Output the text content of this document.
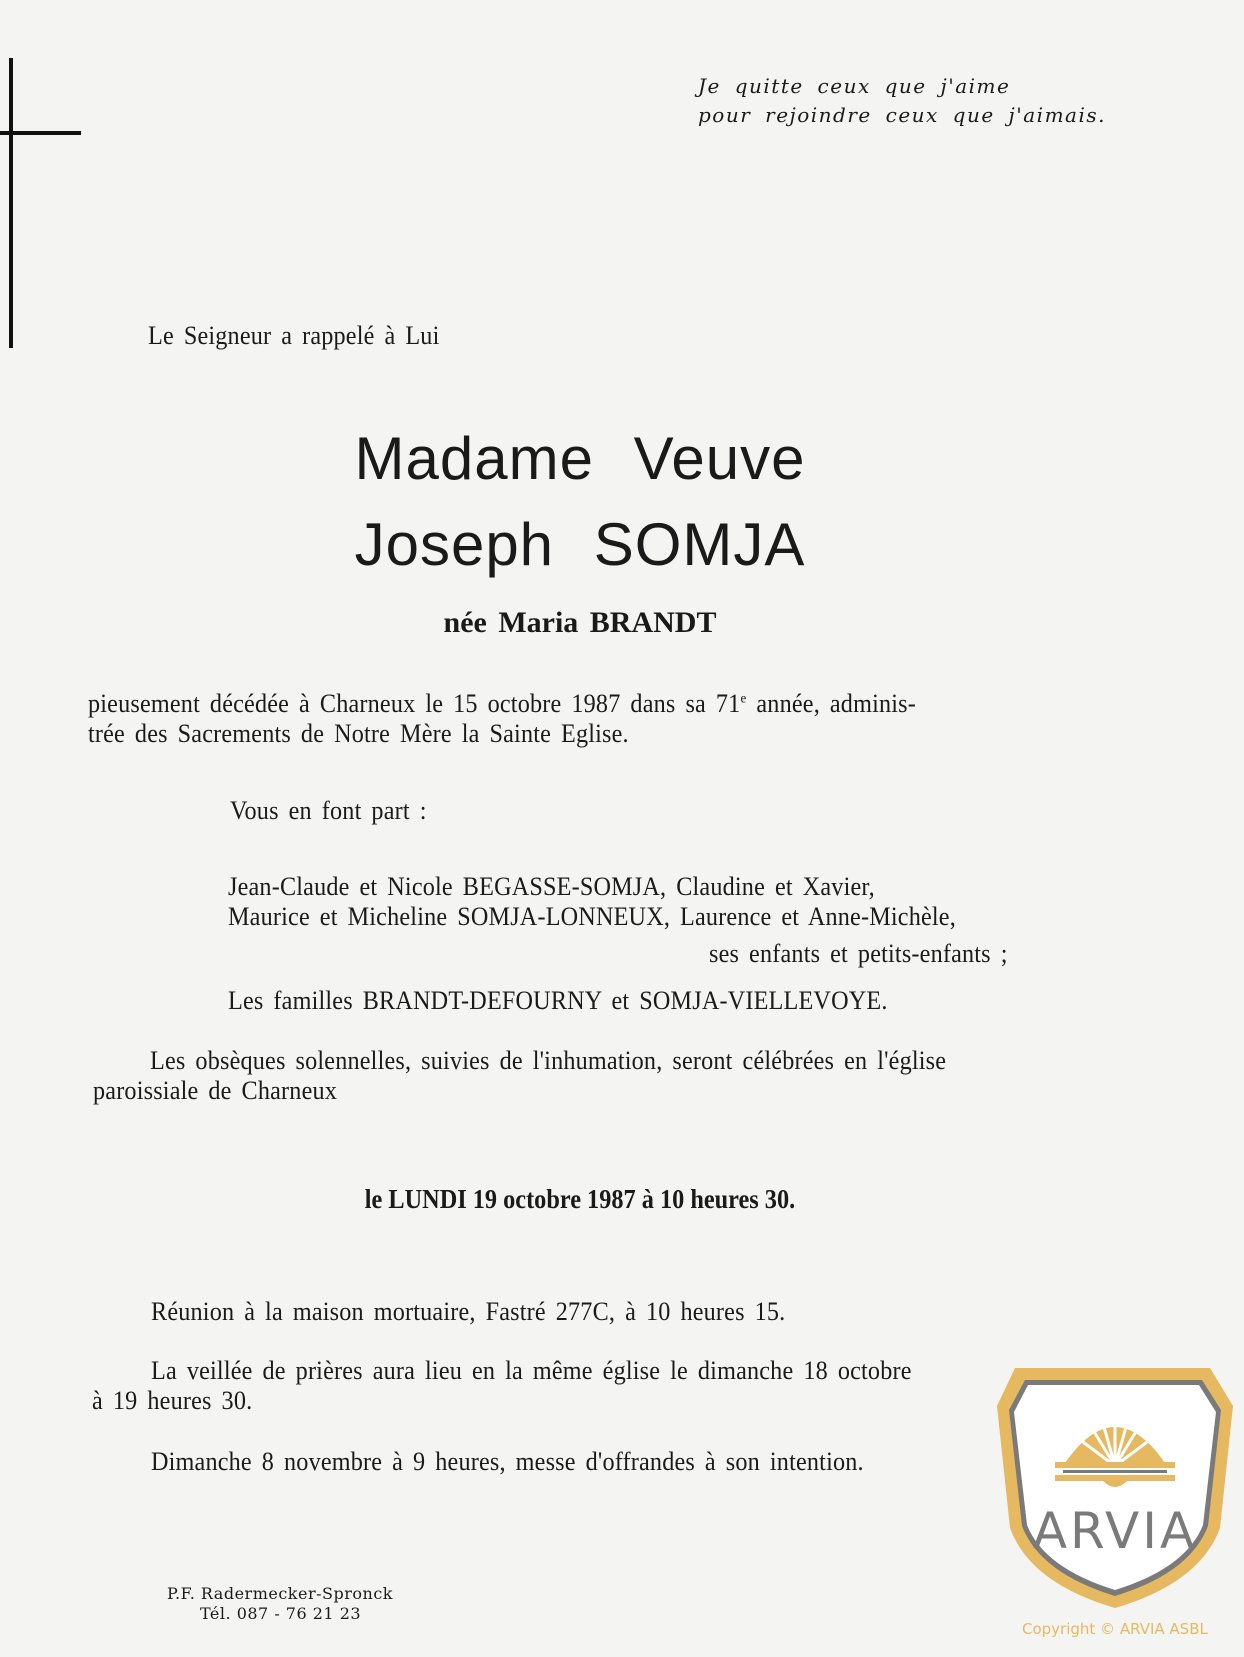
Je quitte ceux que j'aime
pour rejoindre ceux que j'aimais.
Le Seigneur a rappelé à Lui
Madame Veuve
Joseph SOMJA
née Maria BRANDT
pieusement décédée à Charneux le 15 octobre 1987 dans sa 71e année, adminis-
trée des Sacrements de Notre Mère la Sainte Eglise.
Vous en font part :
Jean-Claude et Nicole BEGASSE-SOMJA, Claudine et Xavier,
Maurice et Micheline SOMJA-LONNEUX, Laurence et Anne-Michèle,
ses enfants et petits-enfants ;
Les familles BRANDT-DEFOURNY et SOMJA-VIELLEVOYE.
Les obsèques solennelles, suivies de l'inhumation, seront célébrées en l'église
paroissiale de Charneux
le LUNDI 19 octobre 1987 à 10 heures 30.
Réunion à la maison mortuaire, Fastré 277C, à 10 heures 15.
La veillée de prières aura lieu en la même église le dimanche 18 octobre
à 19 heures 30.
Dimanche 8 novembre à 9 heures, messe d'offrandes à son intention.
P.F. Radermecker-Spronck
Tél. 087 - 76 21 23
ARVIA
Copyright © ARVIA ASBL
